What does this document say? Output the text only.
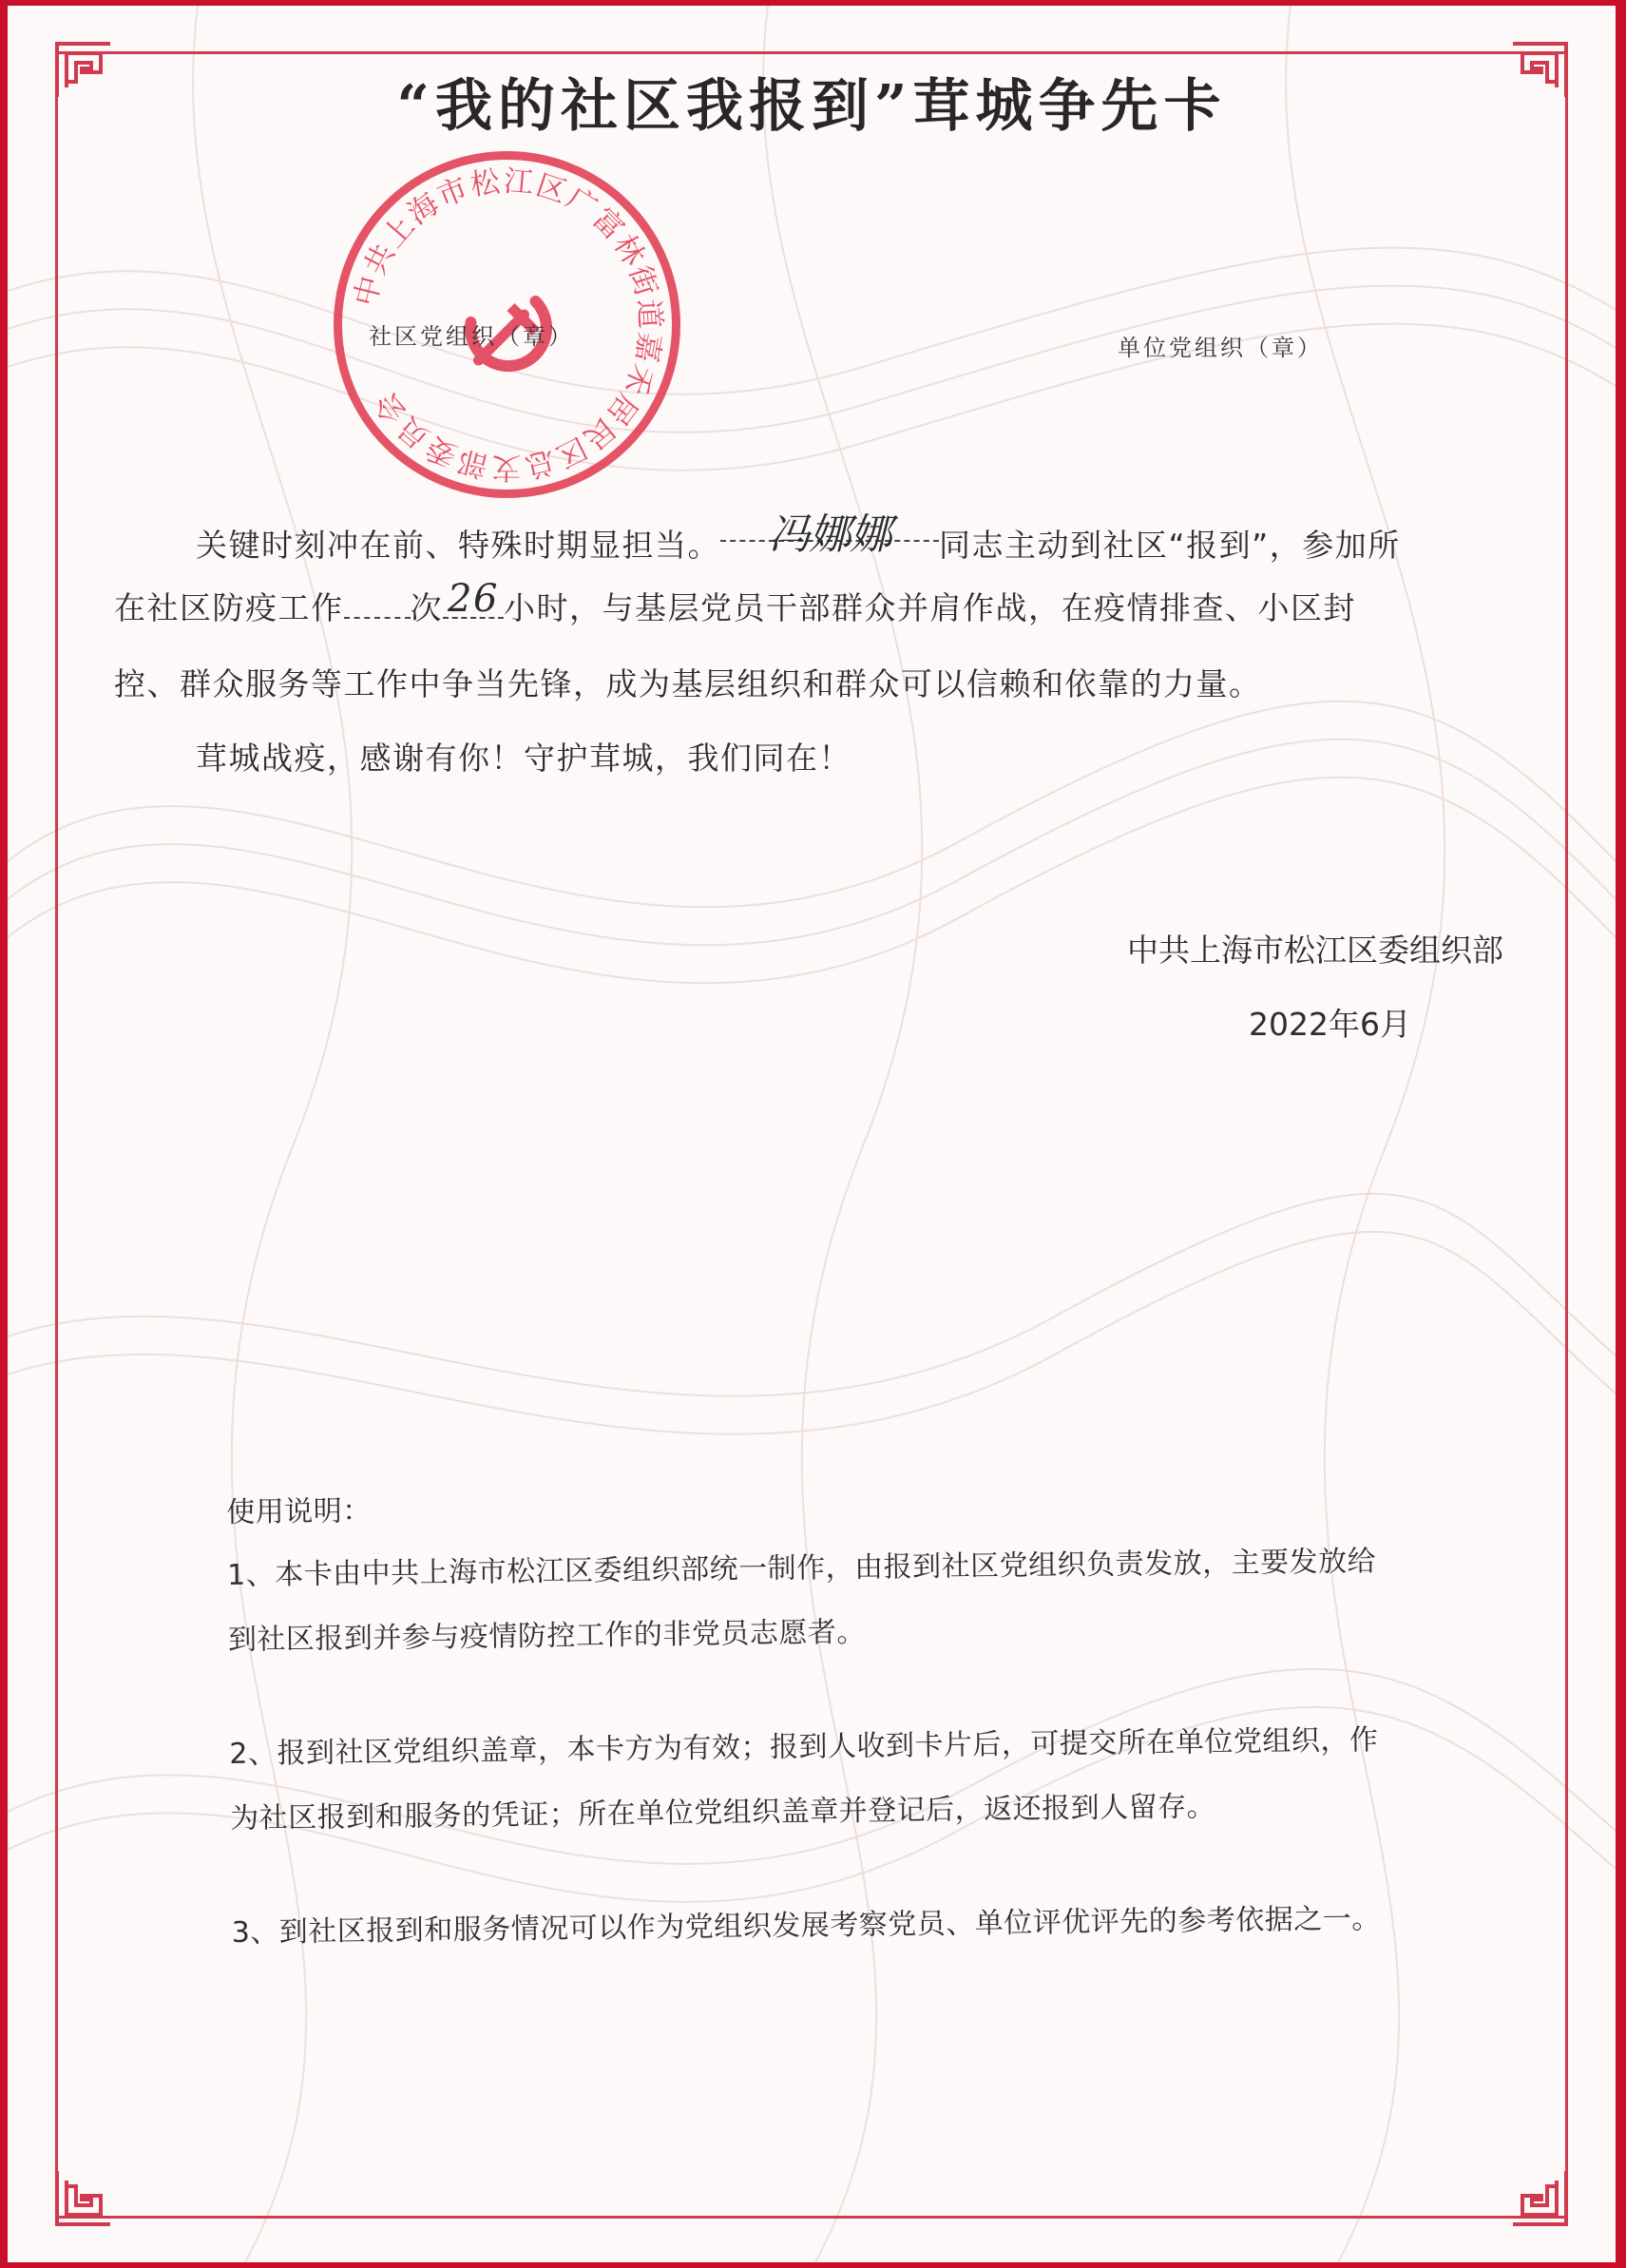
“我的社区我报到”茸城争先卡
中共上海市松江区广富林街道嘉禾居民区总支部委员会
社区党组织（章）	单位党组织（章）
关键时刻冲在前、特殊时期显担当。 冯娜娜 同志主动到社区“报到”，参加所
在社区防疫工作 次 26 小时，与基层党员干部群众并肩作战，在疫情排查、小区封
控、群众服务等工作中争当先锋，成为基层组织和群众可以信赖和依靠的力量。
茸城战疫，感谢有你！守护茸城，我们同在！
中共上海市松江区委组织部
2022年6月
使用说明：
1、本卡由中共上海市松江区委组织部统一制作，由报到社区党组织负责发放，主要发放给
到社区报到并参与疫情防控工作的非党员志愿者。
2、报到社区党组织盖章，本卡方为有效；报到人收到卡片后，可提交所在单位党组织，作
为社区报到和服务的凭证；所在单位党组织盖章并登记后，返还报到人留存。
3、到社区报到和服务情况可以作为党组织发展考察党员、单位评优评先的参考依据之一。
